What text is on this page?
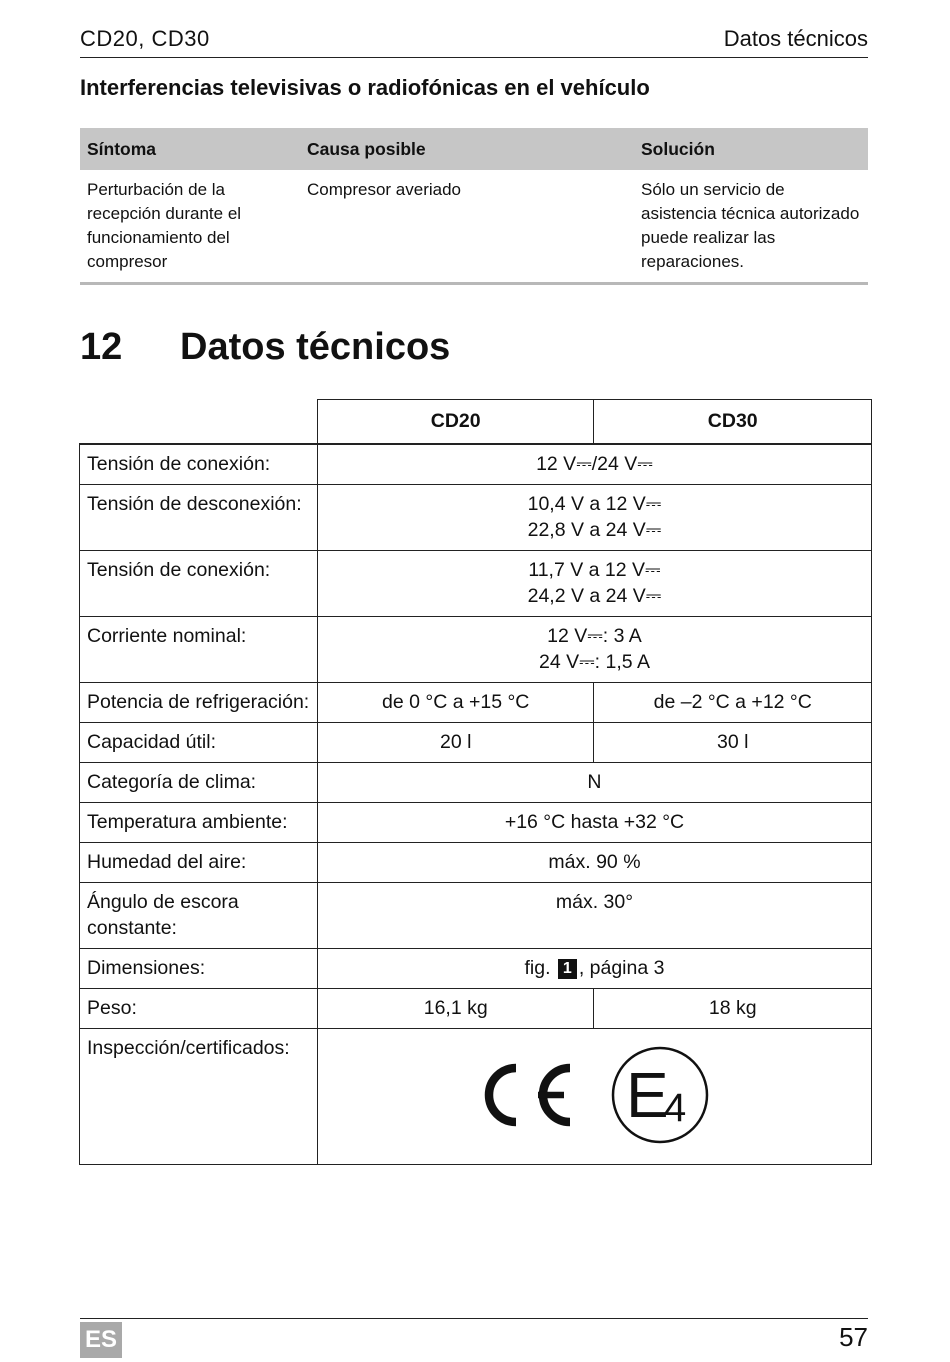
CD20, CD30	Datos técnicos
Interferencias televisivas o radiofónicas en el vehículo
Síntoma	Causa posible	Solución
Perturbación de la recepción durante el funcionamiento del compresor	Compresor averiado	Sólo un servicio de asistencia técnica autorizado puede realizar las reparaciones.
12 Datos técnicos
	CD20	CD30
Tensión de conexión:	12 V⎓/24 V⎓	
Tensión de desconexión:	10,4 V a 12 V⎓
22,8 V a 24 V⎓	

Tensión de conexión:	11,7 V a 12 V⎓
24,2 V a 24 V⎓	

Corriente nominal:	12 V⎓: 3 A
24 V⎓: 1,5 A	

Potencia de refrigeración:	de 0 °C a +15 °C	de –2 °C a +12 °C
Capacidad útil:	20 l	30 l
Categoría de clima:	N	
Temperatura ambiente:	+16 °C hasta +32 °C	
Humedad del aire:	máx. 90 %	
Ángulo de escora constante:	máx. 30°	
Dimensiones:	fig. 1 , página 3	
Peso:	16,1 kg	18 kg
Inspección/certificados:	E
4	
ES	57
